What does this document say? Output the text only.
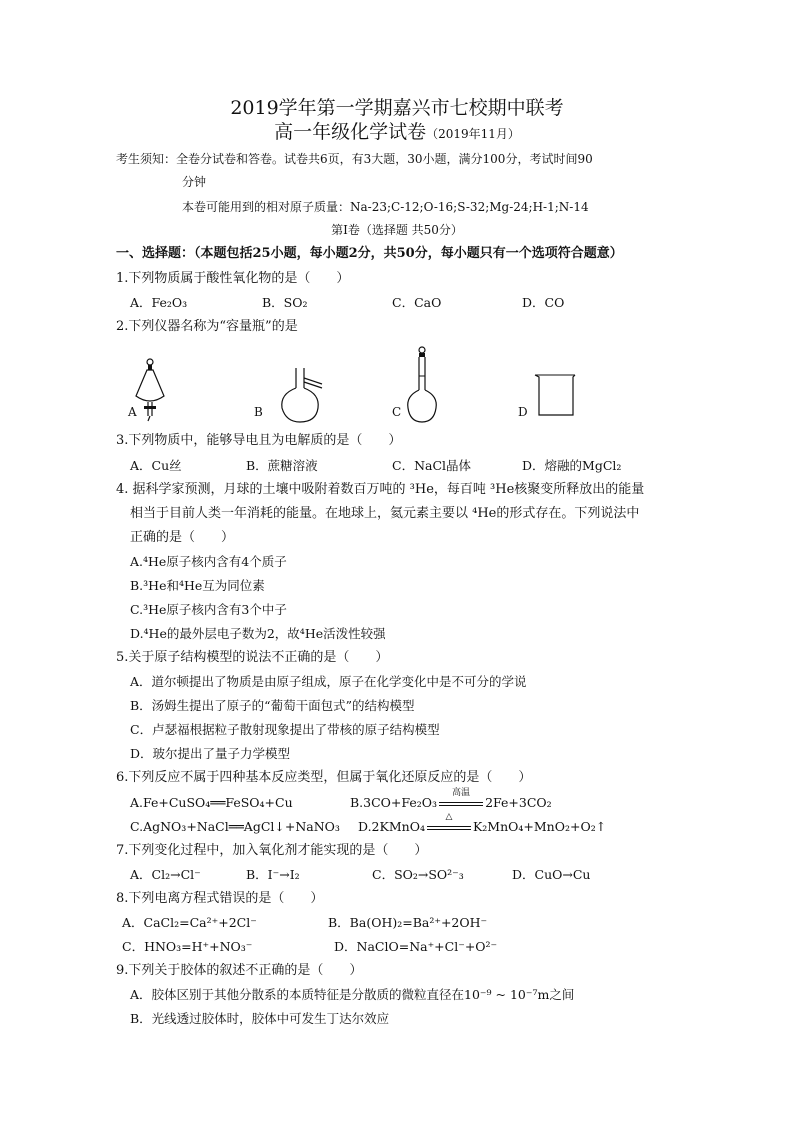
2019学年第一学期嘉兴市七校期中联考
高一年级化学试卷（2019年11月）
考生须知：全卷分试卷和答卷。试卷共6页，有3大题，30小题，满分100分，考试时间90
分钟
本卷可能用到的相对原子质量：Na-23;C-12;O-16;S-32;Mg-24;H-1;N-14
第Ⅰ卷（选择题 共50分）
一、选择题：（本题包括25小题，每小题2分，共50分，每小题只有一个选项符合题意）
1.下列物质属于酸性氧化物的是（　　）
A．Fe₂O₃	B．SO₂	C．CaO	D．CO
2.下列仪器名称为“容量瓶”的是
A	B	C	D
3.下列物质中，能够导电且为电解质的是（　　）
A．Cu丝	B．蔗糖溶液	C．NaCl晶体	D．熔融的MgCl₂
4. 据科学家预测，月球的土壤中吸附着数百万吨的 ³He，每百吨 ³He核聚变所释放出的能量
相当于目前人类一年消耗的能量。在地球上，氦元素主要以 ⁴He的形式存在。下列说法中
正确的是（　　）
A.⁴He原子核内含有4个质子
B.³He和⁴He互为同位素
C.³He原子核内含有3个中子
D.⁴He的最外层电子数为2，故⁴He活泼性较强
5.关于原子结构模型的说法不正确的是（　　）
A．道尔顿提出了物质是由原子组成，原子在化学变化中是不可分的学说
B．汤姆生提出了原子的“葡萄干面包式”的结构模型
C．卢瑟福根据粒子散射现象提出了带核的原子结构模型
D．玻尔提出了量子力学模型
6.下列反应不属于四种基本反应类型，但属于氧化还原反应的是（　　）
A.Fe+CuSO₄══FeSO₄+Cu	B.3CO+Fe₂O₃
高温
2Fe+3CO₂
C.AgNO₃+NaCl══AgCl↓+NaNO₃ D.2KMnO₄
△
K₂MnO₄+MnO₂+O₂↑
7.下列变化过程中，加入氧化剂才能实现的是（　　）
A．Cl₂→Cl⁻	B．I⁻→I₂	C．SO₂→SO²⁻₃	D．CuO→Cu
8.下列电离方程式错误的是（　　）
A．CaCl₂=Ca²⁺+2Cl⁻	B．Ba(OH)₂=Ba²⁺+2OH⁻
C．HNO₃=H⁺+NO₃⁻	D．NaClO=Na⁺+Cl⁻+O²⁻
9.下列关于胶体的叙述不正确的是（　　）
A．胶体区别于其他分散系的本质特征是分散质的微粒直径在10⁻⁹ ~ 10⁻⁷m之间
B．光线透过胶体时，胶体中可发生丁达尔效应
